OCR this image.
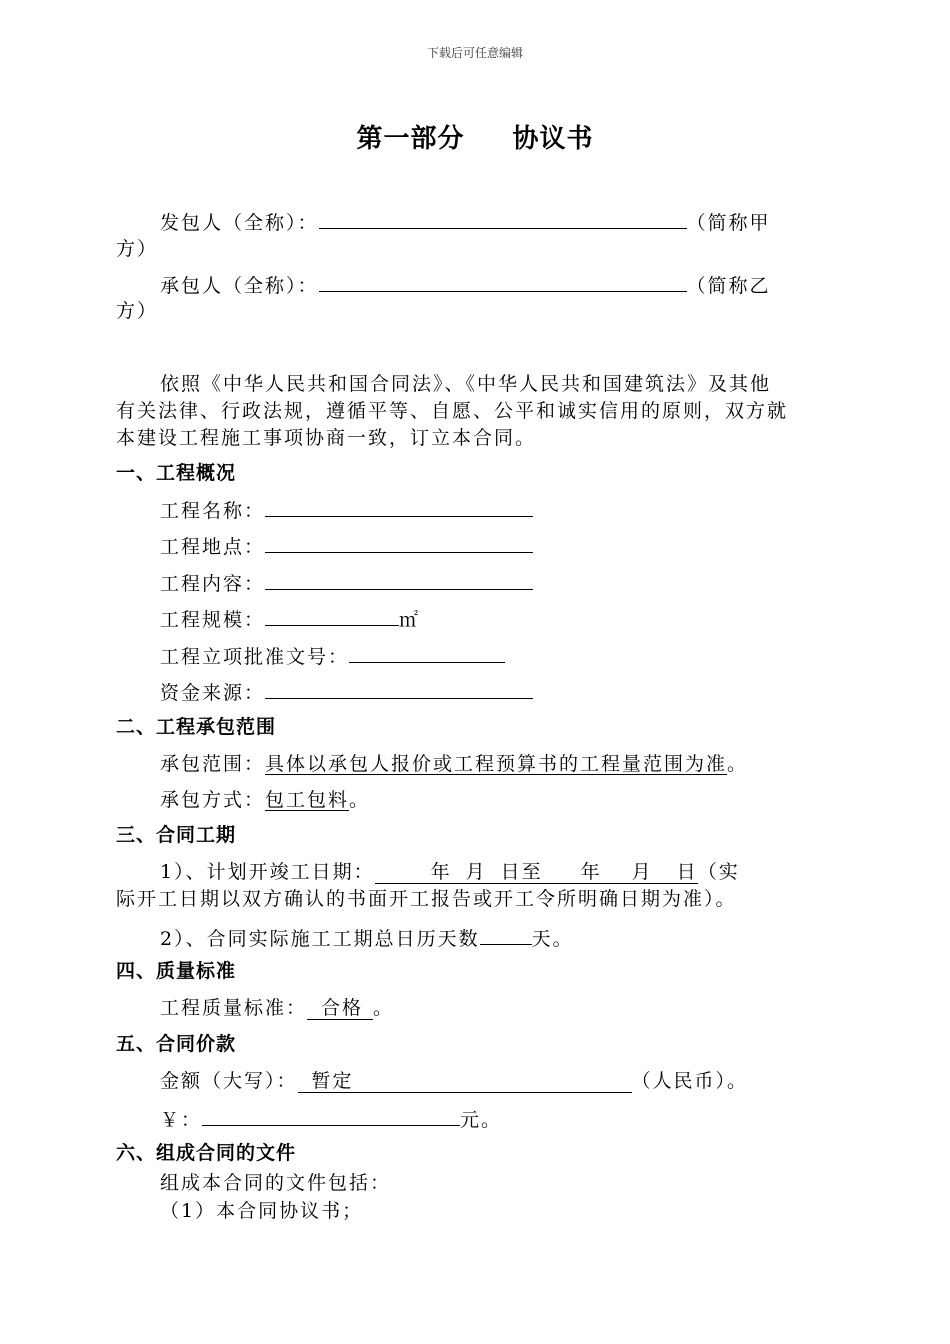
下载后可任意编辑
第一部分 协议书
发包人（全称）：	（简称甲
方）
承包人（全称）：	（简称乙
方）
依照《中华人民共和国合同法》、《中华人民共和国建筑法》及其他
有关法律、行政法规，遵循平等、自愿、公平和诚实信用的原则，双方就
本建设工程施工事项协商一致，订立本合同。
一、工程概况
工程名称：
工程地点：
工程内容：
工程规模：	㎡
工程立项批准文号：
资金来源：
二、工程承包范围
承包范围：具体以承包人报价或工程预算书的工程量范围为准。
承包方式：包工包料。
三、合同工期
1）、计划开竣工日期：	年 月 日至 年 月 日（实
际开工日期以双方确认的书面开工报告或开工令所明确日期为准）。
2）、合同实际施工工期总日历天数	天。
四、质量标准
工程质量标准： 合格 。
五、合同价款
金额（大写）： 暂定	（人民币）。
￥：	元。
六、组成合同的文件
组成本合同的文件包括：
（1）本合同协议书；
